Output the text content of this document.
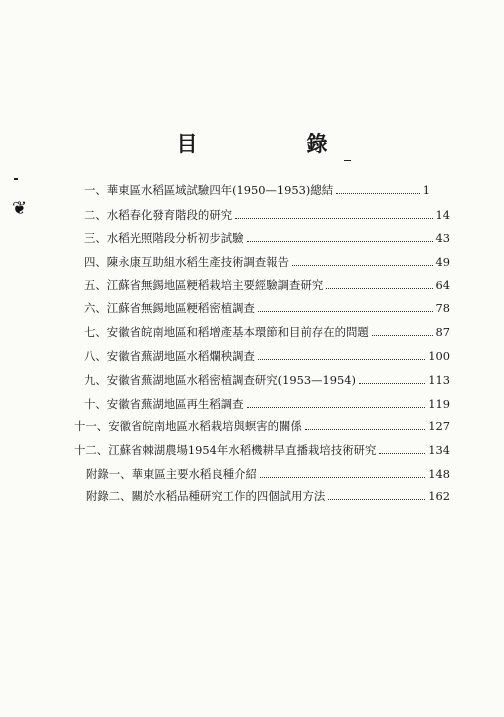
目　錄
❦
一、 華東區水稻區域試驗四年(1950—1953)總結	1
二、 水稻春化發育階段的研究	14
三、 水稻光照階段分析初步試驗	43
四、 陳永康互助組水稻生產技術調查報告	49
五、 江蘇省無錫地區粳稻栽培主要經驗調查研究	64
六、 江蘇省無錫地區粳稻密植調查	78
七、 安徽省皖南地區和稻增產基本環節和目前存在的問題	87
八、 安徽省蕪湖地區水稻爛秧調查	100
九、 安徽省蕪湖地區水稻密植調查研究(1953—1954)	113
十、 安徽省蕪湖地區再生稻調查	119
十一、 安徽省皖南地區水稻栽培與螟害的關係	127
十二、 江蘇省棘湖農場1954年水稻機耕旱直播栽培技術研究	134
附錄一、 華東區主要水稻良種介紹	148
附錄二、 關於水稻品種研究工作的四個試用方法	162
